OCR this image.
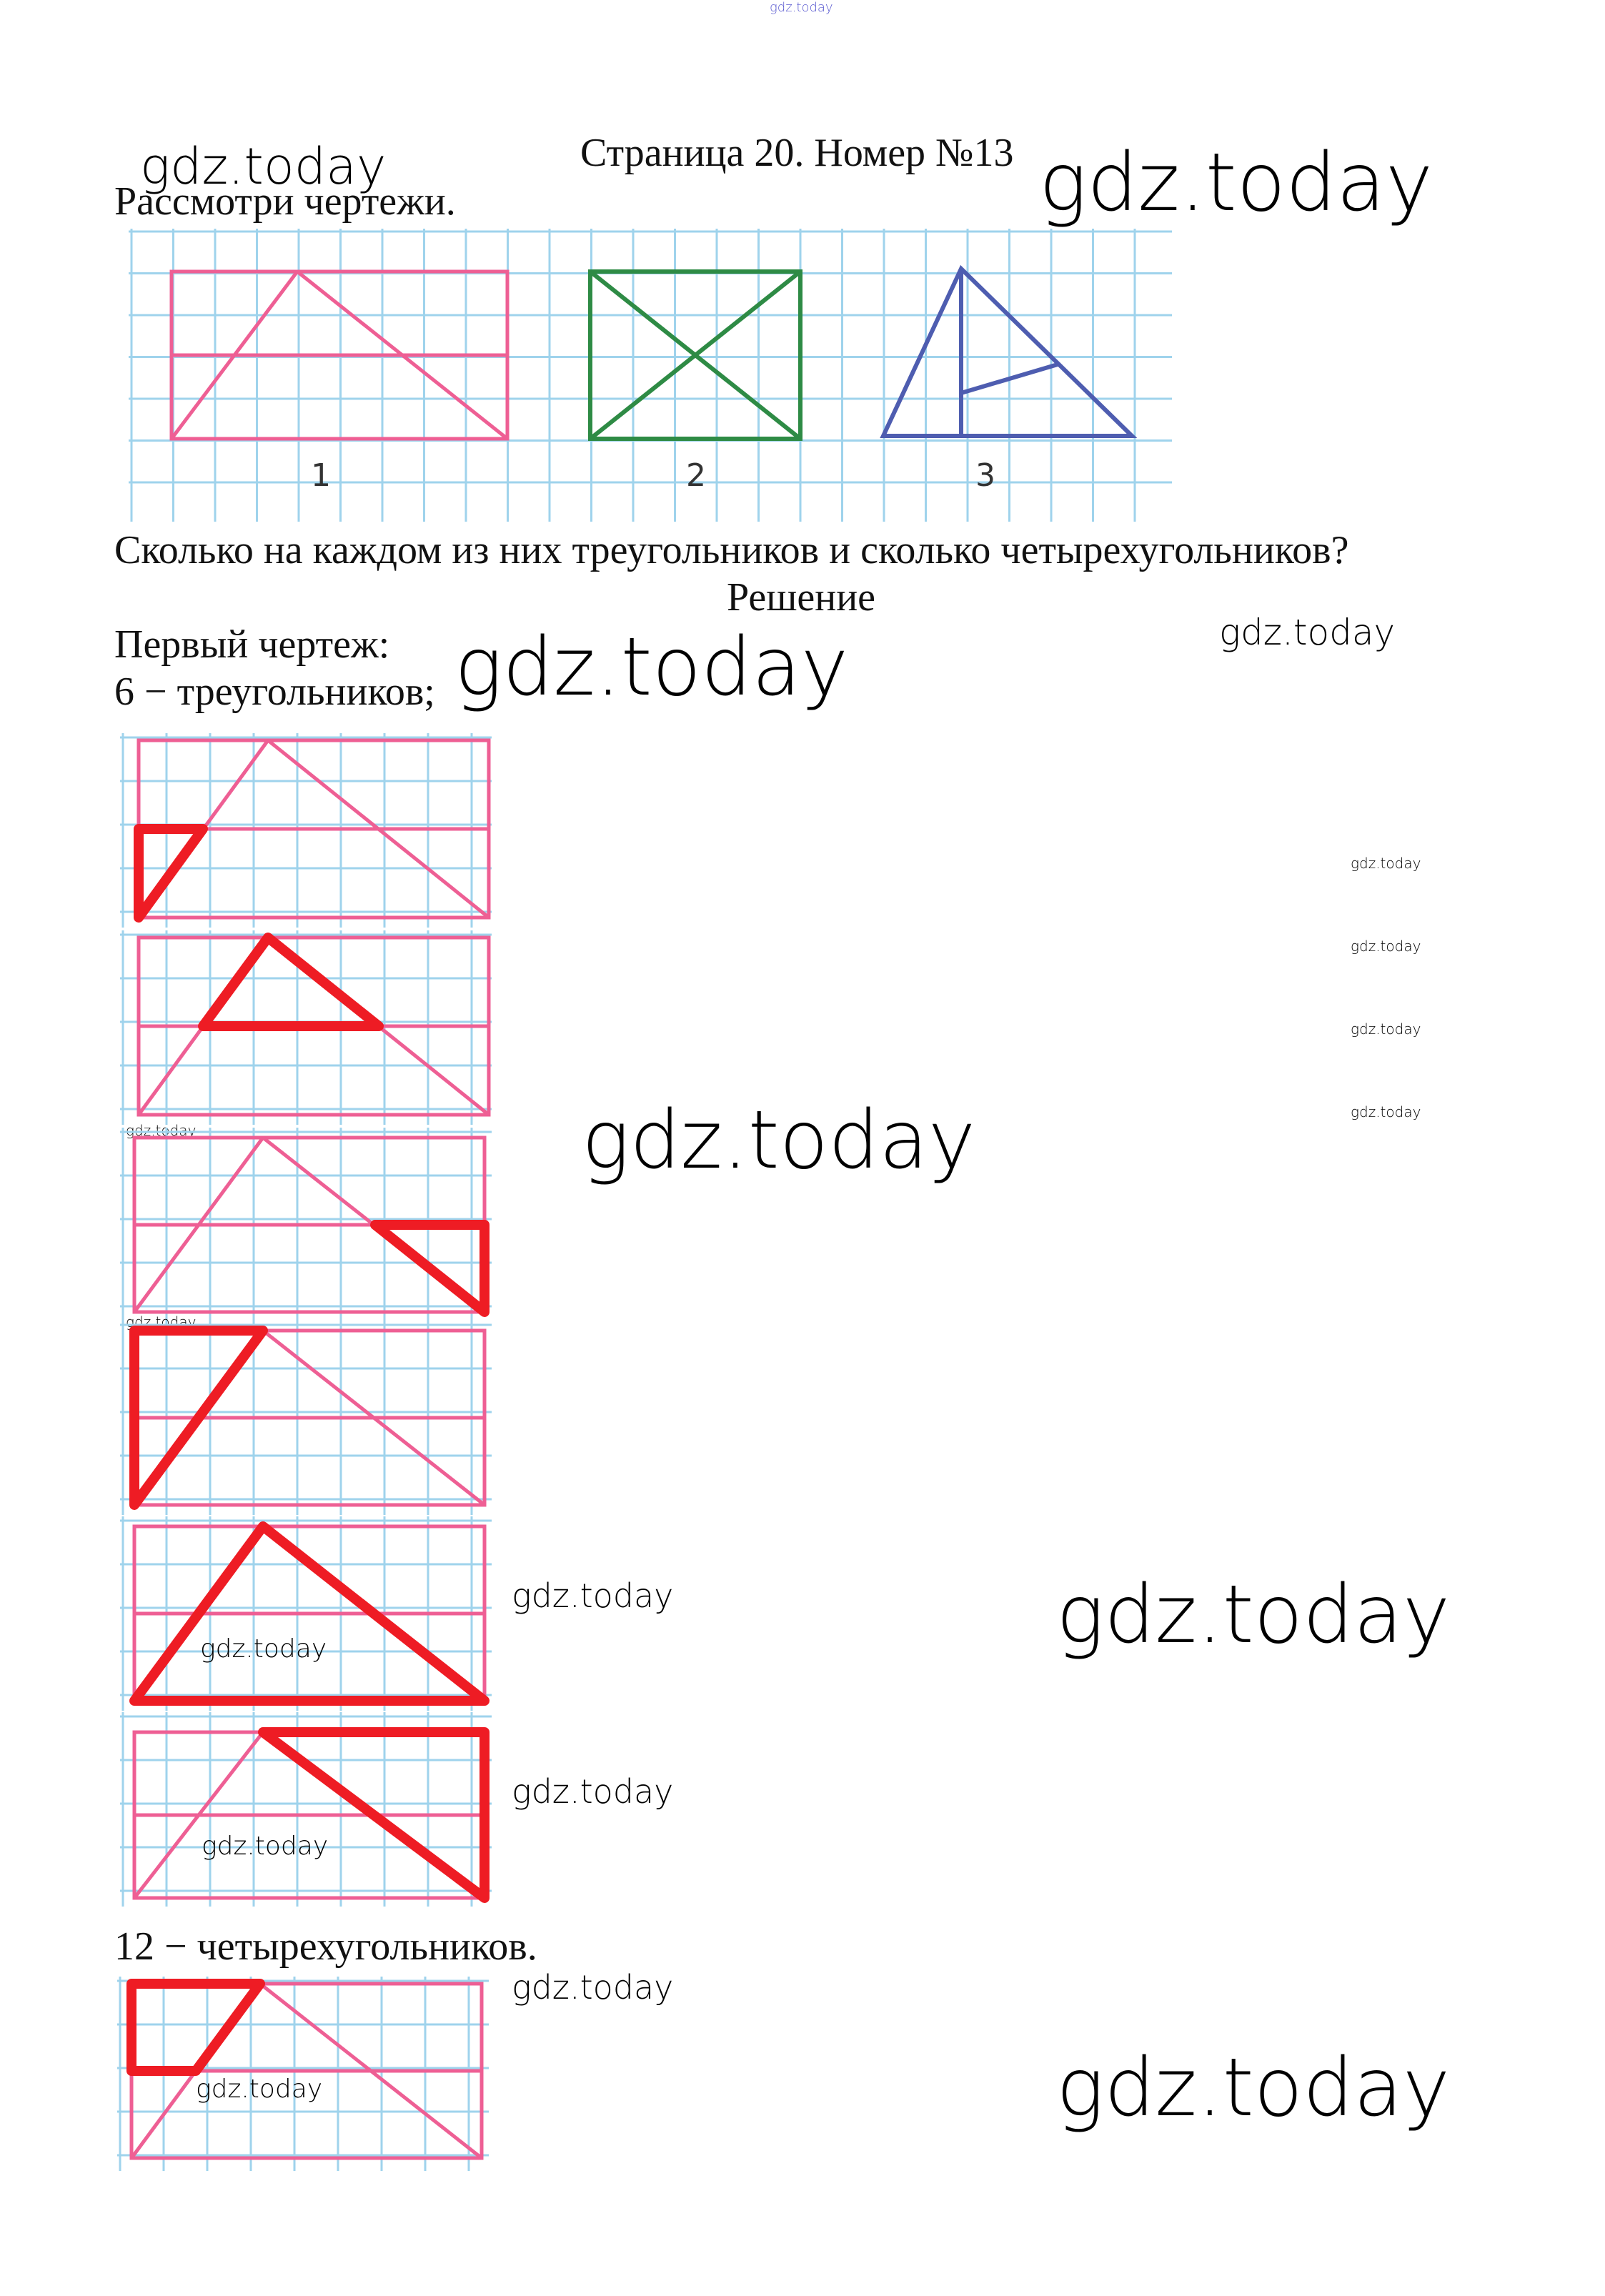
gdz.today
Страница 20. Номер №13
gdz.today
Рассмотри чертежи.	gdz.today
1	2	3
Сколько на каждом из них треугольников и сколько четырехугольников?
Решение
gdz.today
Первый чертеж:
6 − треугольников; gdz.today
gdz.today
gdz.today
gdz.today
gdz.today
gdz.today
gdz.today
12 − четырехугольников.
gdz.today
gdz.today
gdz.today
gdz.today
gdz.today
gdz.today
gdz.today
gdz.today
gdz.today
